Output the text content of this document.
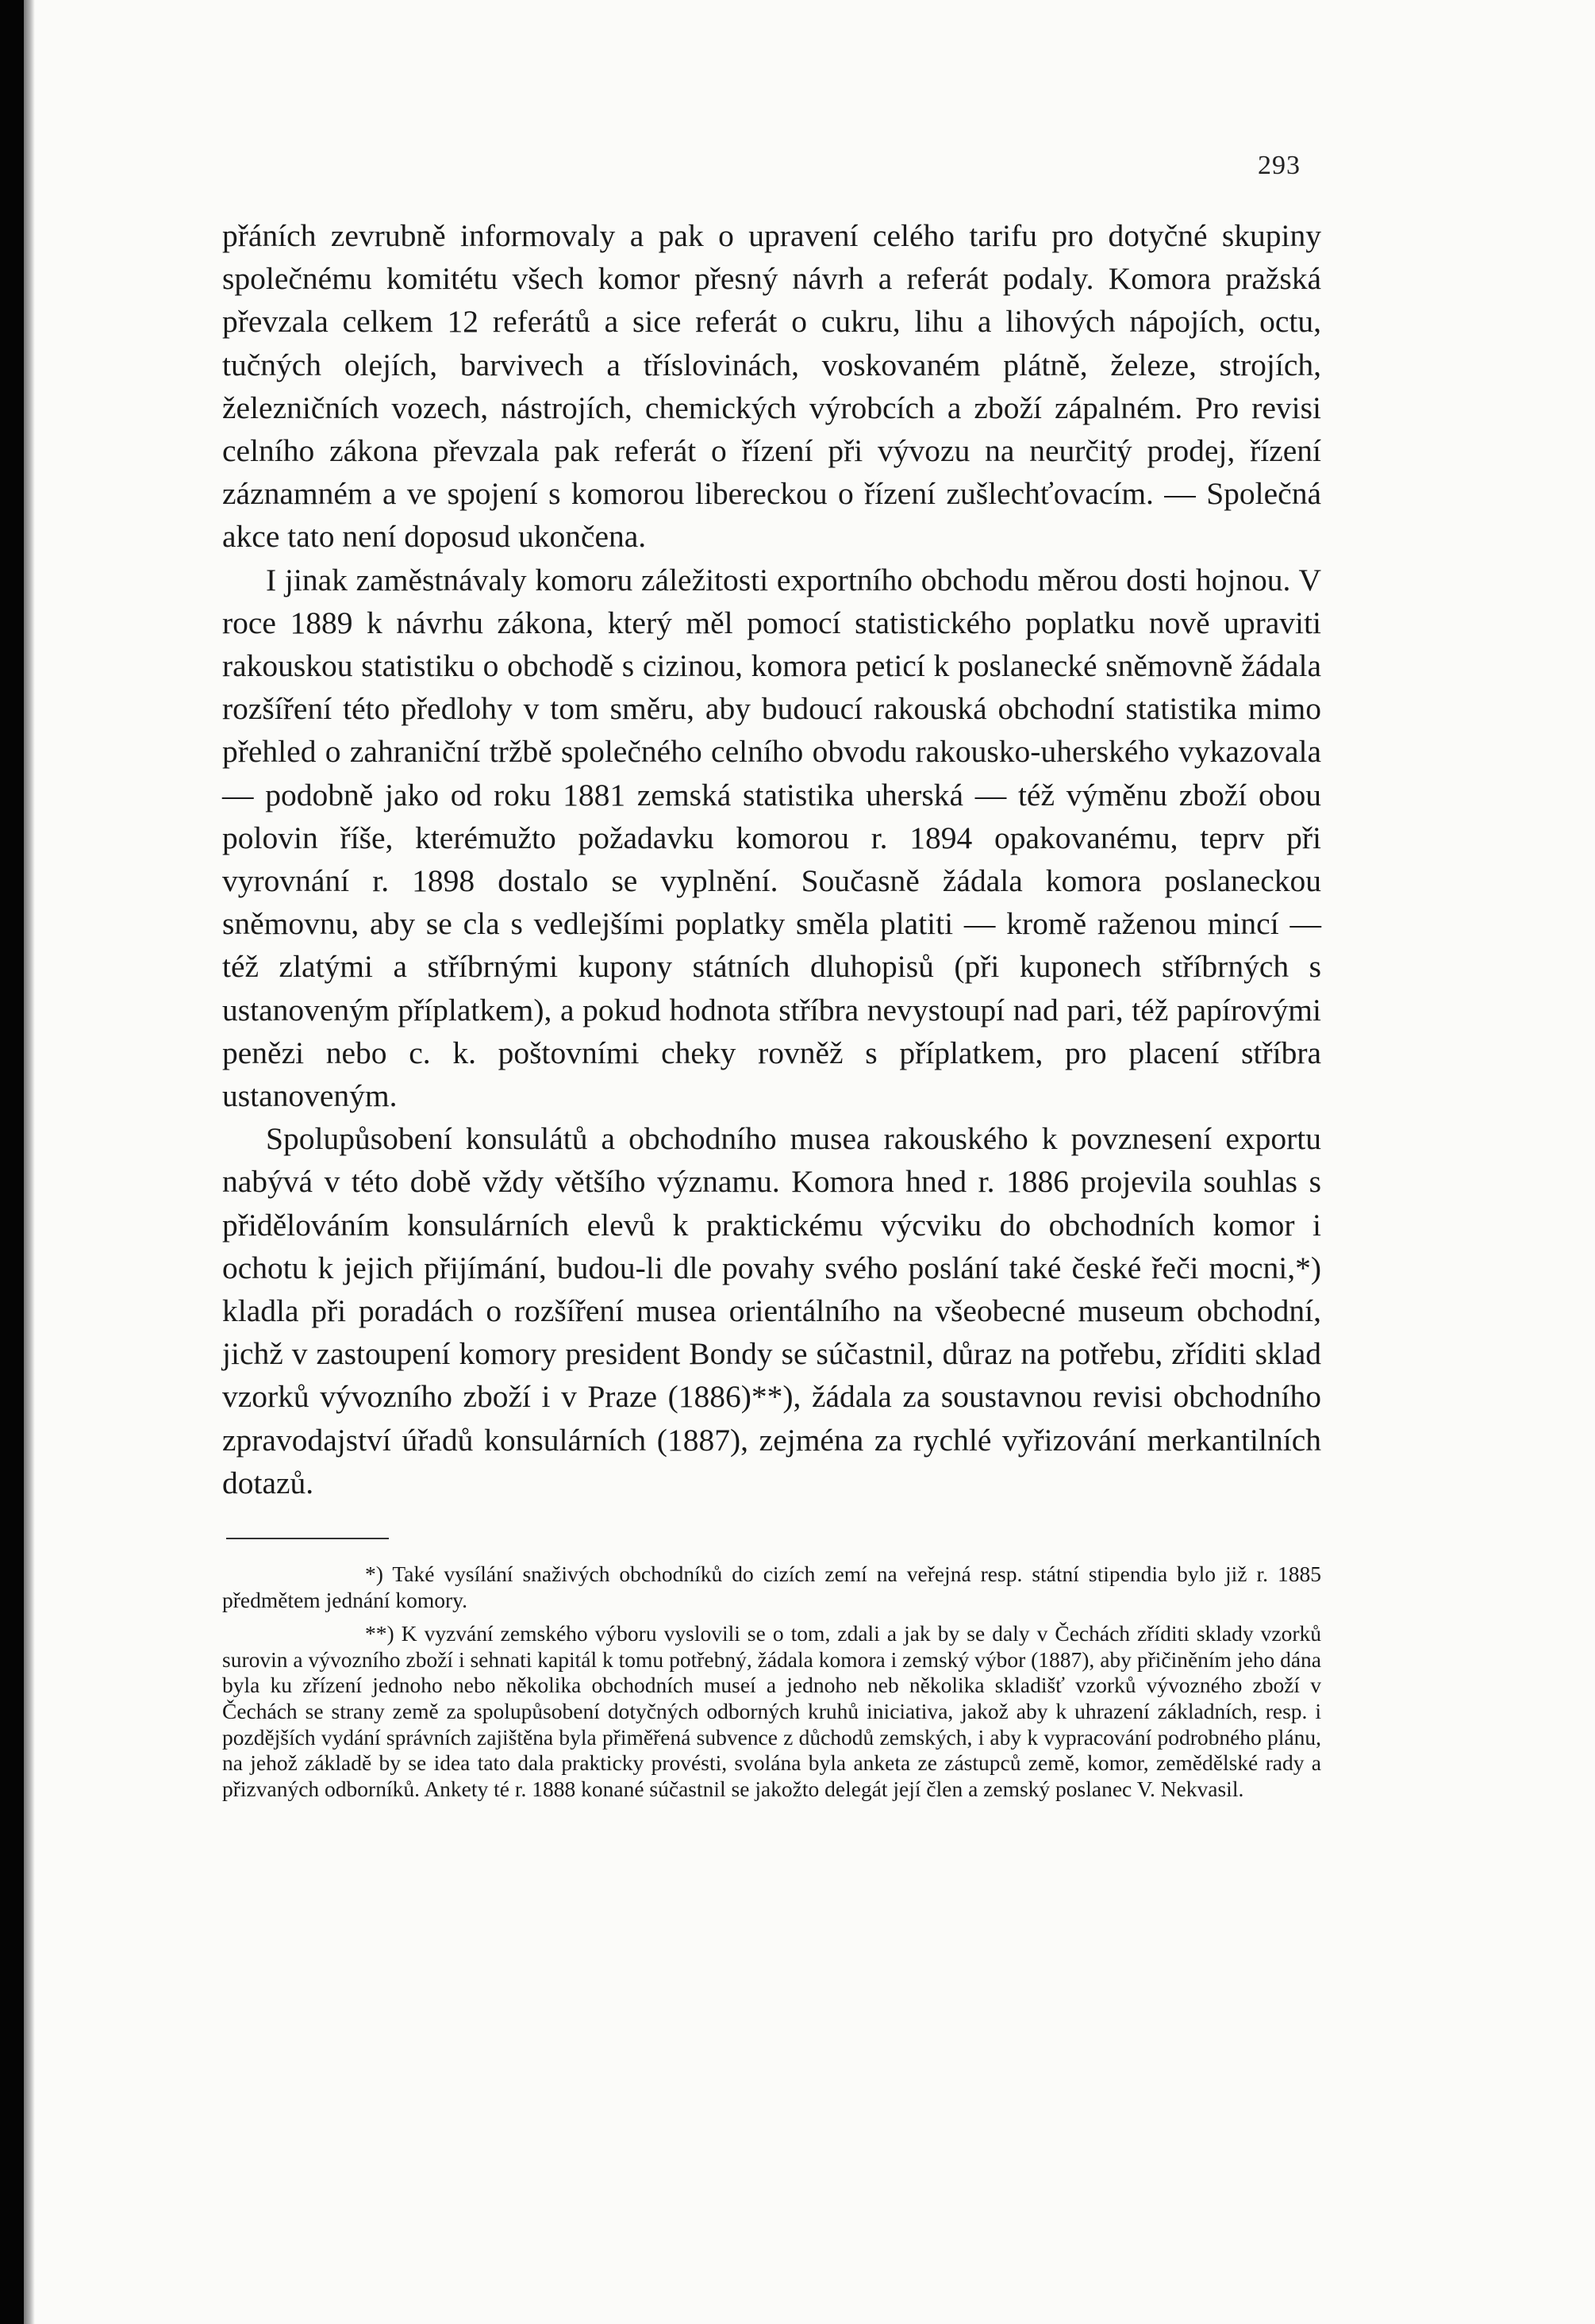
293

přáních zevrubně informovaly a pak o upravení celého tarifu pro dotyčné skupiny společnému komitétu všech komor přesný návrh a referát podaly. Komora pražská převzala celkem 12 referátů a sice referát o cukru, lihu a lihových nápojích, octu, tučných olejích, barvivech a tříslovinách, voskovaném plátně, železe, strojích, železničních vozech, nástrojích, chemických výrobcích a zboží zápalném. Pro revisi celního zákona převzala pak referát o řízení při vývozu na neurčitý prodej, řízení záznamném a ve spojení s komorou libereckou o řízení zušlechťovacím. — Společná akce tato není doposud ukončena.

I jinak zaměstnávaly komoru záležitosti exportního obchodu měrou dosti hojnou. V roce 1889 k návrhu zákona, který měl pomocí statistického poplatku nově upraviti rakouskou statistiku o obchodě s cizinou, komora peticí k poslanecké sněmovně žádala rozšíření této předlohy v tom směru, aby budoucí rakouská obchodní statistika mimo přehled o zahraniční tržbě společného celního obvodu rakousko-uherského vykazovala — podobně jako od roku 1881 zemská statistika uherská — též výměnu zboží obou polovin říše, kterémužto požadavku komorou r. 1894 opakovanému, teprv při vyrovnání r. 1898 dostalo se vyplnění. Současně žádala komora poslaneckou sněmovnu, aby se cla s vedlejšími poplatky směla platiti — kromě raženou mincí — též zlatými a stříbrnými kupony státních dluhopisů (při kuponech stříbrných s ustanoveným příplatkem), a pokud hodnota stříbra nevystoupí nad pari, též papírovými penězi nebo c. k. poštovními cheky rovněž s příplatkem, pro placení stříbra ustanoveným.

Spolupůsobení konsulátů a obchodního musea rakouského k povznesení exportu nabývá v této době vždy většího významu. Komora hned r. 1886 projevila souhlas s přidělováním konsulárních elevů k praktickému výcviku do obchodních komor i ochotu k jejich přijímání, budou-li dle povahy svého poslání také české řeči mocni,*) kladla při poradách o rozšíření musea orientálního na všeobecné museum obchodní, jichž v zastoupení komory president Bondy se súčastnil, důraz na potřebu, zříditi sklad vzorků vývozního zboží i v Praze (1886)**), žádala za soustavnou revisi obchodního zpravodajství úřadů konsulárních (1887), zejména za rychlé vyřizování merkantilních dotazů.

*) Také vysílání snaživých obchodníků do cizích zemí na veřejná resp. státní stipendia bylo již r. 1885 předmětem jednání komory.

**) K vyzvání zemského výboru vyslovili se o tom, zdali a jak by se daly v Čechách zříditi sklady vzorků surovin a vývozního zboží i sehnati kapitál k tomu potřebný, žádala komora i zemský výbor (1887), aby přičiněním jeho dána byla ku zřízení jednoho nebo několika obchodních museí a jednoho neb několika skladišť vzorků vývozného zboží v Čechách se strany země za spolupůsobení dotyčných odborných kruhů iniciativa, jakož aby k uhrazení základních, resp. i pozdějších vydání správních zajištěna byla přiměřená subvence z důchodů zemských, i aby k vypracování podrobného plánu, na jehož základě by se idea tato dala prakticky provésti, svolána byla anketa ze zástupců země, komor, zemědělské rady a přizvaných odborníků. Ankety té r. 1888 konané súčastnil se jakožto delegát její člen a zemský poslanec V. Nekvasil.
